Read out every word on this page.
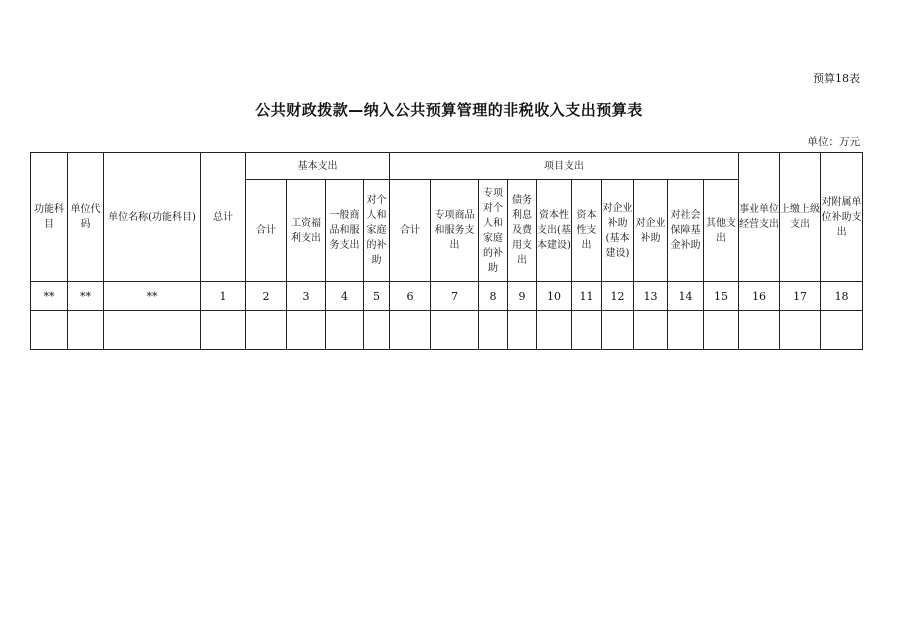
预算18表
公共财政拨款—纳入公共预算管理的非税收入支出预算表
单位：万元
功能科目	单位代码	单位名称(功能科目)	总计	基本支出				项目支出										事业单位经营支出	上缴上级支出	对附属单位补助支出
				合计	工资福利支出	一般商品和服务支出	对个人和家庭的补助	合计	专项商品和服务支出	专项对个人和家庭的补助	债务利息及费用支出	资本性支出(基本建设)	资本性支出	对企业补助(基本建设)	对企业补助	对社会保障基金补助	其他支出			
**	**	**	1	2	3	4	5	6	7	8	9	10	11	12	13	14	15	16	17	18
